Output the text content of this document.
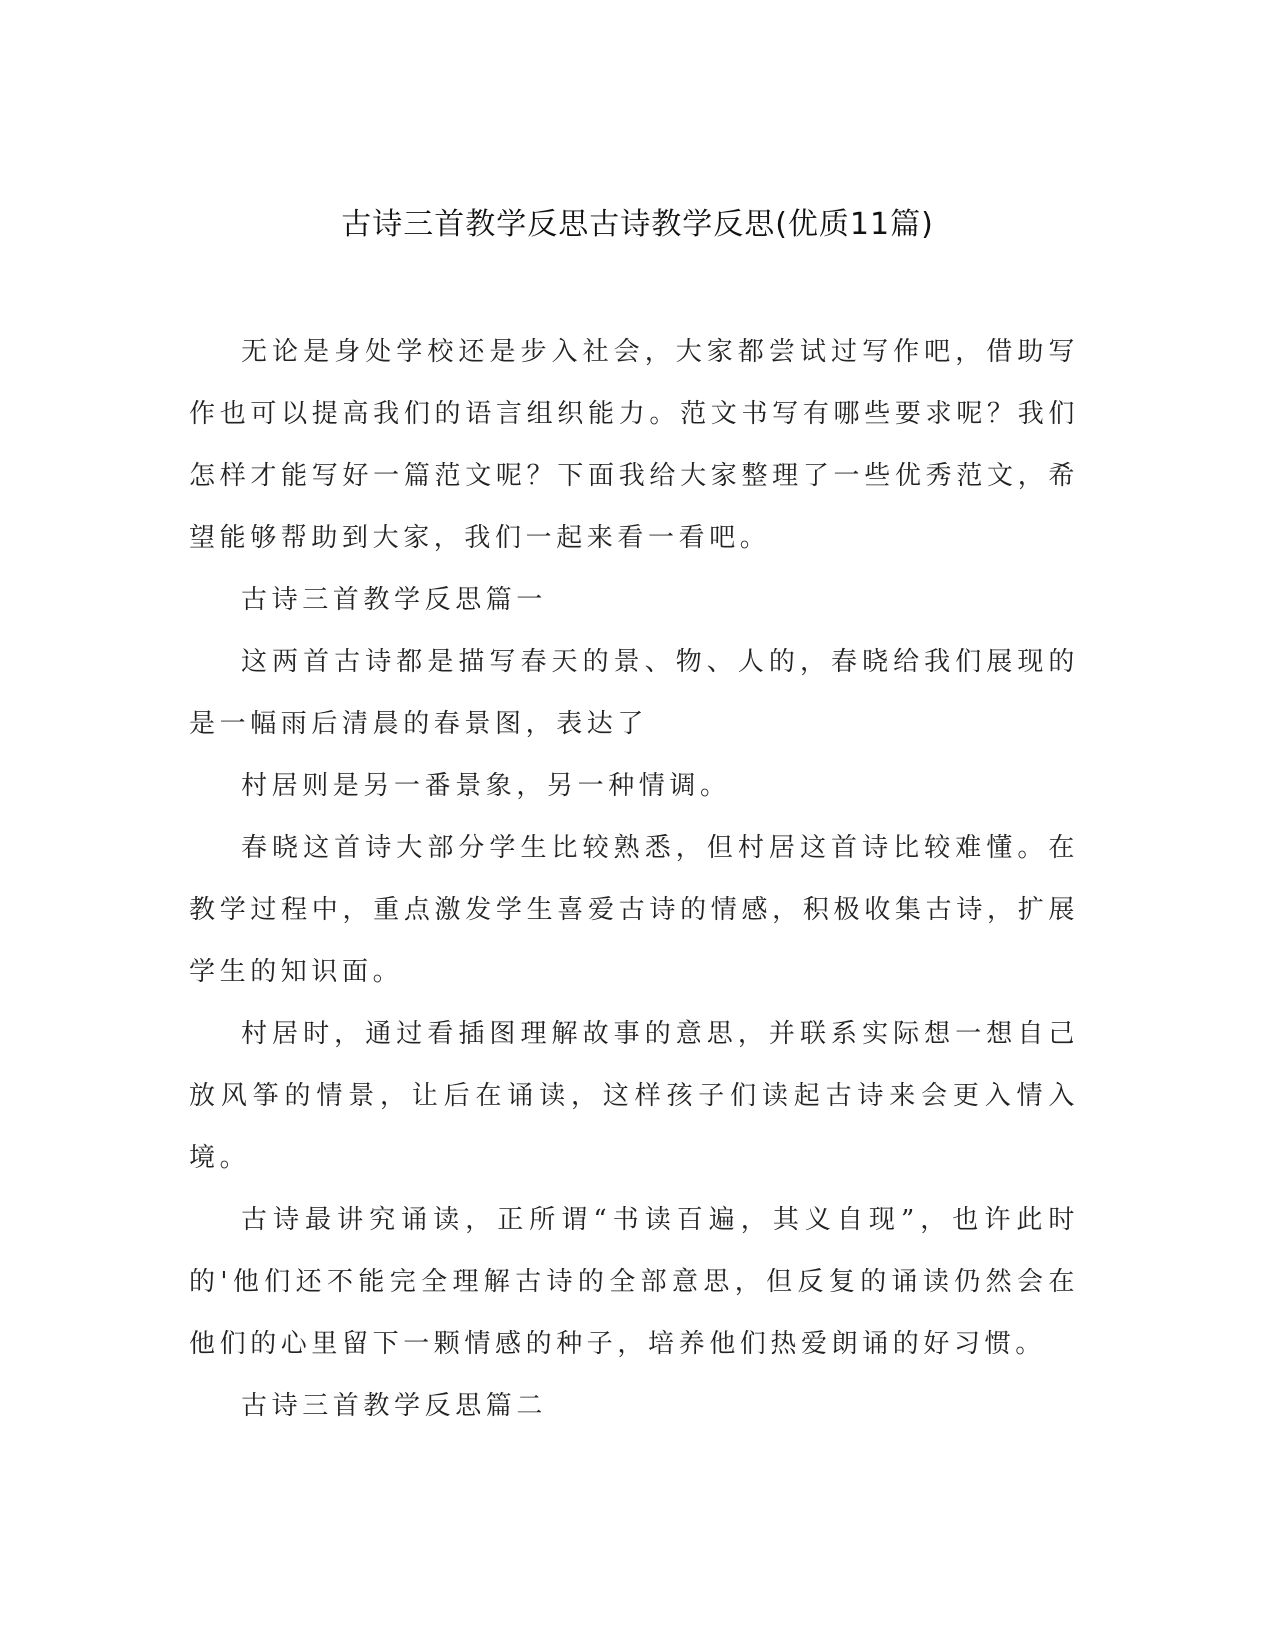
古诗三首教学反思古诗教学反思(优质11篇)

无论是身处学校还是步入社会，大家都尝试过写作吧，借助写作也可以提高我们的语言组织能力。范文书写有哪些要求呢？我们怎样才能写好一篇范文呢？下面我给大家整理了一些优秀范文，希望能够帮助到大家，我们一起来看一看吧。

古诗三首教学反思篇一

这两首古诗都是描写春天的景、物、人的，春晓给我们展现的是一幅雨后清晨的春景图，表达了

村居则是另一番景象，另一种情调。

春晓这首诗大部分学生比较熟悉，但村居这首诗比较难懂。在教学过程中，重点激发学生喜爱古诗的情感，积极收集古诗，扩展学生的知识面。

村居时，通过看插图理解故事的意思，并联系实际想一想自己放风筝的情景，让后在诵读，这样孩子们读起古诗来会更入情入境。

古诗最讲究诵读，正所谓“书读百遍，其义自现”，也许此时的'他们还不能完全理解古诗的全部意思，但反复的诵读仍然会在他们的心里留下一颗情感的种子，培养他们热爱朗诵的好习惯。

古诗三首教学反思篇二
